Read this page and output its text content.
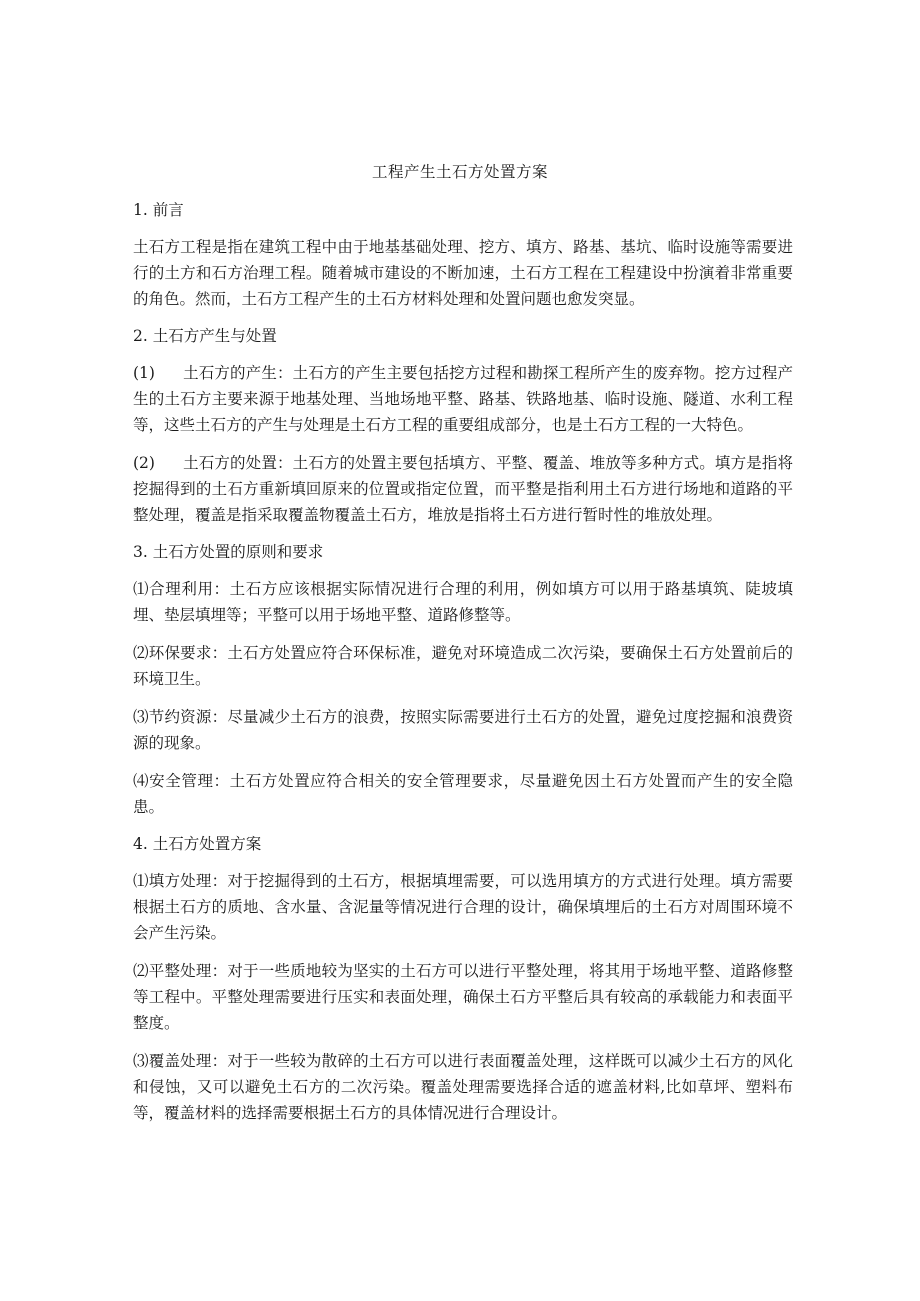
工程产生土石方处置方案
1. 前言

土石方工程是指在建筑工程中由于地基基础处理、挖方、填方、路基、基坑、临时设施等需要进行的土方和石方治理工程。随着城市建设的不断加速，土石方工程在工程建设中扮演着非常重要的角色。然而，土石方工程产生的土石方材料处理和处置问题也愈发突显。

2. 土石方产生与处置

(1) 土石方的产生：土石方的产生主要包括挖方过程和勘探工程所产生的废弃物。挖方过程产生的土石方主要来源于地基处理、当地场地平整、路基、铁路地基、临时设施、隧道、水利工程等，这些土石方的产生与处理是土石方工程的重要组成部分，也是土石方工程的一大特色。

(2) 土石方的处置：土石方的处置主要包括填方、平整、覆盖、堆放等多种方式。填方是指将挖掘得到的土石方重新填回原来的位置或指定位置，而平整是指利用土石方进行场地和道路的平整处理，覆盖是指采取覆盖物覆盖土石方，堆放是指将土石方进行暂时性的堆放处理。

3. 土石方处置的原则和要求

⑴合理利用：土石方应该根据实际情况进行合理的利用，例如填方可以用于路基填筑、陡坡填埋、垫层填埋等；平整可以用于场地平整、道路修整等。

⑵环保要求：土石方处置应符合环保标准，避免对环境造成二次污染，要确保土石方处置前后的环境卫生。

⑶节约资源：尽量减少土石方的浪费，按照实际需要进行土石方的处置，避免过度挖掘和浪费资源的现象。

⑷安全管理：土石方处置应符合相关的安全管理要求，尽量避免因土石方处置而产生的安全隐患。

4. 土石方处置方案

⑴填方处理：对于挖掘得到的土石方，根据填埋需要，可以选用填方的方式进行处理。填方需要根据土石方的质地、含水量、含泥量等情况进行合理的设计，确保填埋后的土石方对周围环境不会产生污染。

⑵平整处理：对于一些质地较为坚实的土石方可以进行平整处理，将其用于场地平整、道路修整等工程中。平整处理需要进行压实和表面处理，确保土石方平整后具有较高的承载能力和表面平整度。

⑶覆盖处理：对于一些较为散碎的土石方可以进行表面覆盖处理，这样既可以减少土石方的风化和侵蚀，又可以避免土石方的二次污染。覆盖处理需要选择合适的遮盖材料,比如草坪、塑料布等，覆盖材料的选择需要根据土石方的具体情况进行合理设计。
